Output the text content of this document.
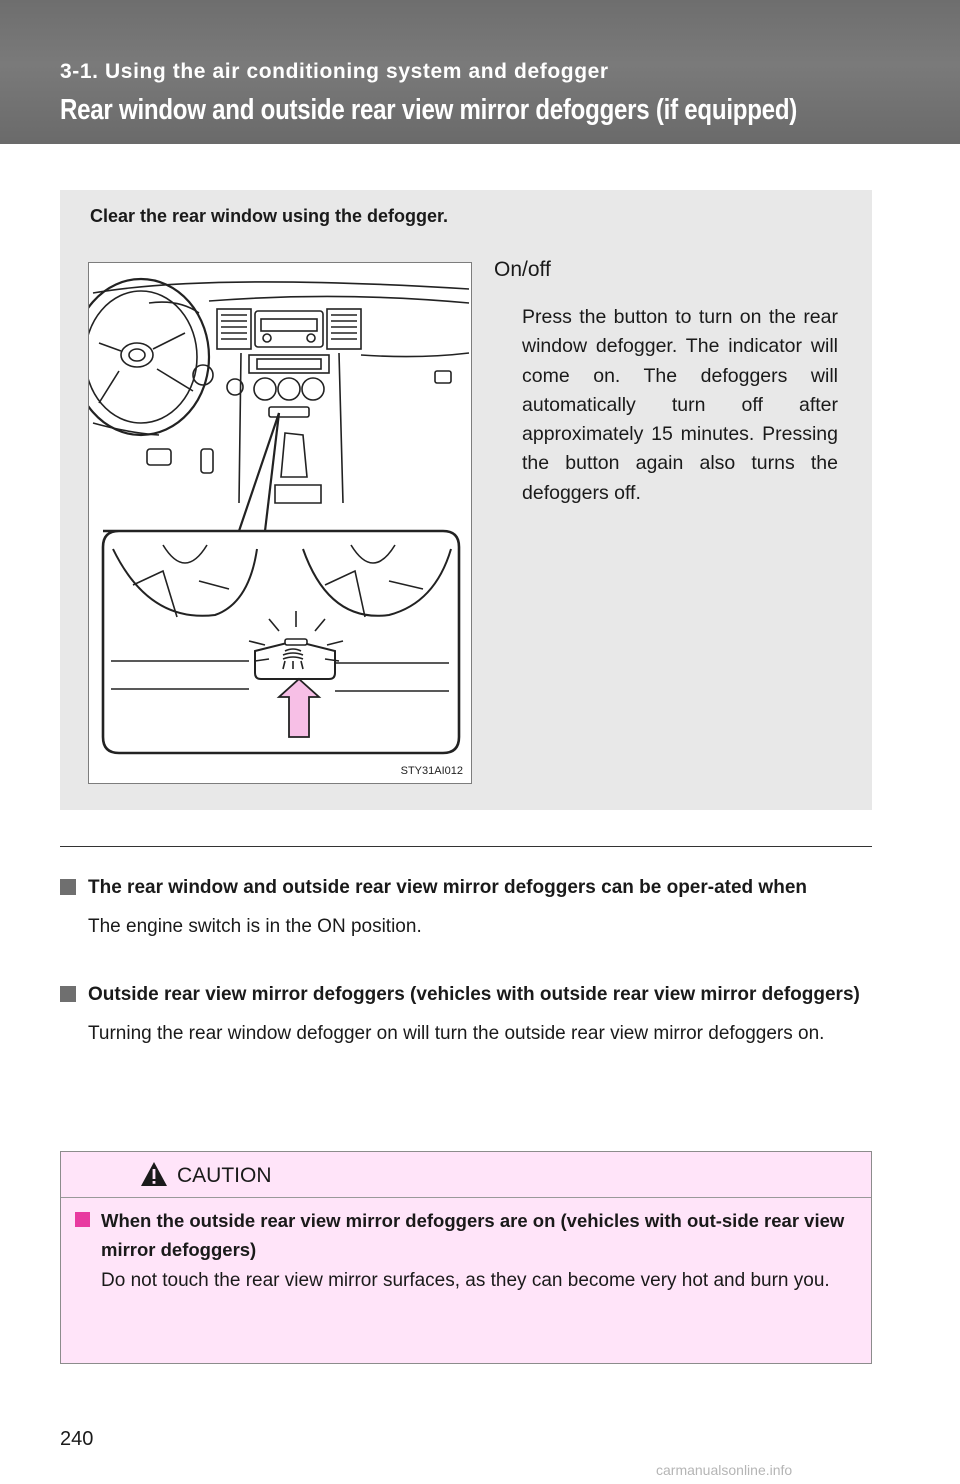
3-1. Using the air conditioning system and defogger
Rear window and outside rear view mirror defoggers (if equipped)
Clear the rear window using the defogger.
STY31AI012
On/off
Press the button to turn on the rear window defogger. The indicator will come on. The defoggers will automatically turn off after approximately 15 minutes. Pressing the button again also turns the defoggers off.
The rear window and outside rear view mirror defoggers can be oper-ated when
The engine switch is in the ON position.
Outside rear view mirror defoggers (vehicles with outside rear view mirror defoggers)
Turning the rear window defogger on will turn the outside rear view mirror defoggers on.
CAUTION
When the outside rear view mirror defoggers are on (vehicles with out-side rear view mirror defoggers)
Do not touch the rear view mirror surfaces, as they can become very hot and burn you.
240
carmanualsonline.info
